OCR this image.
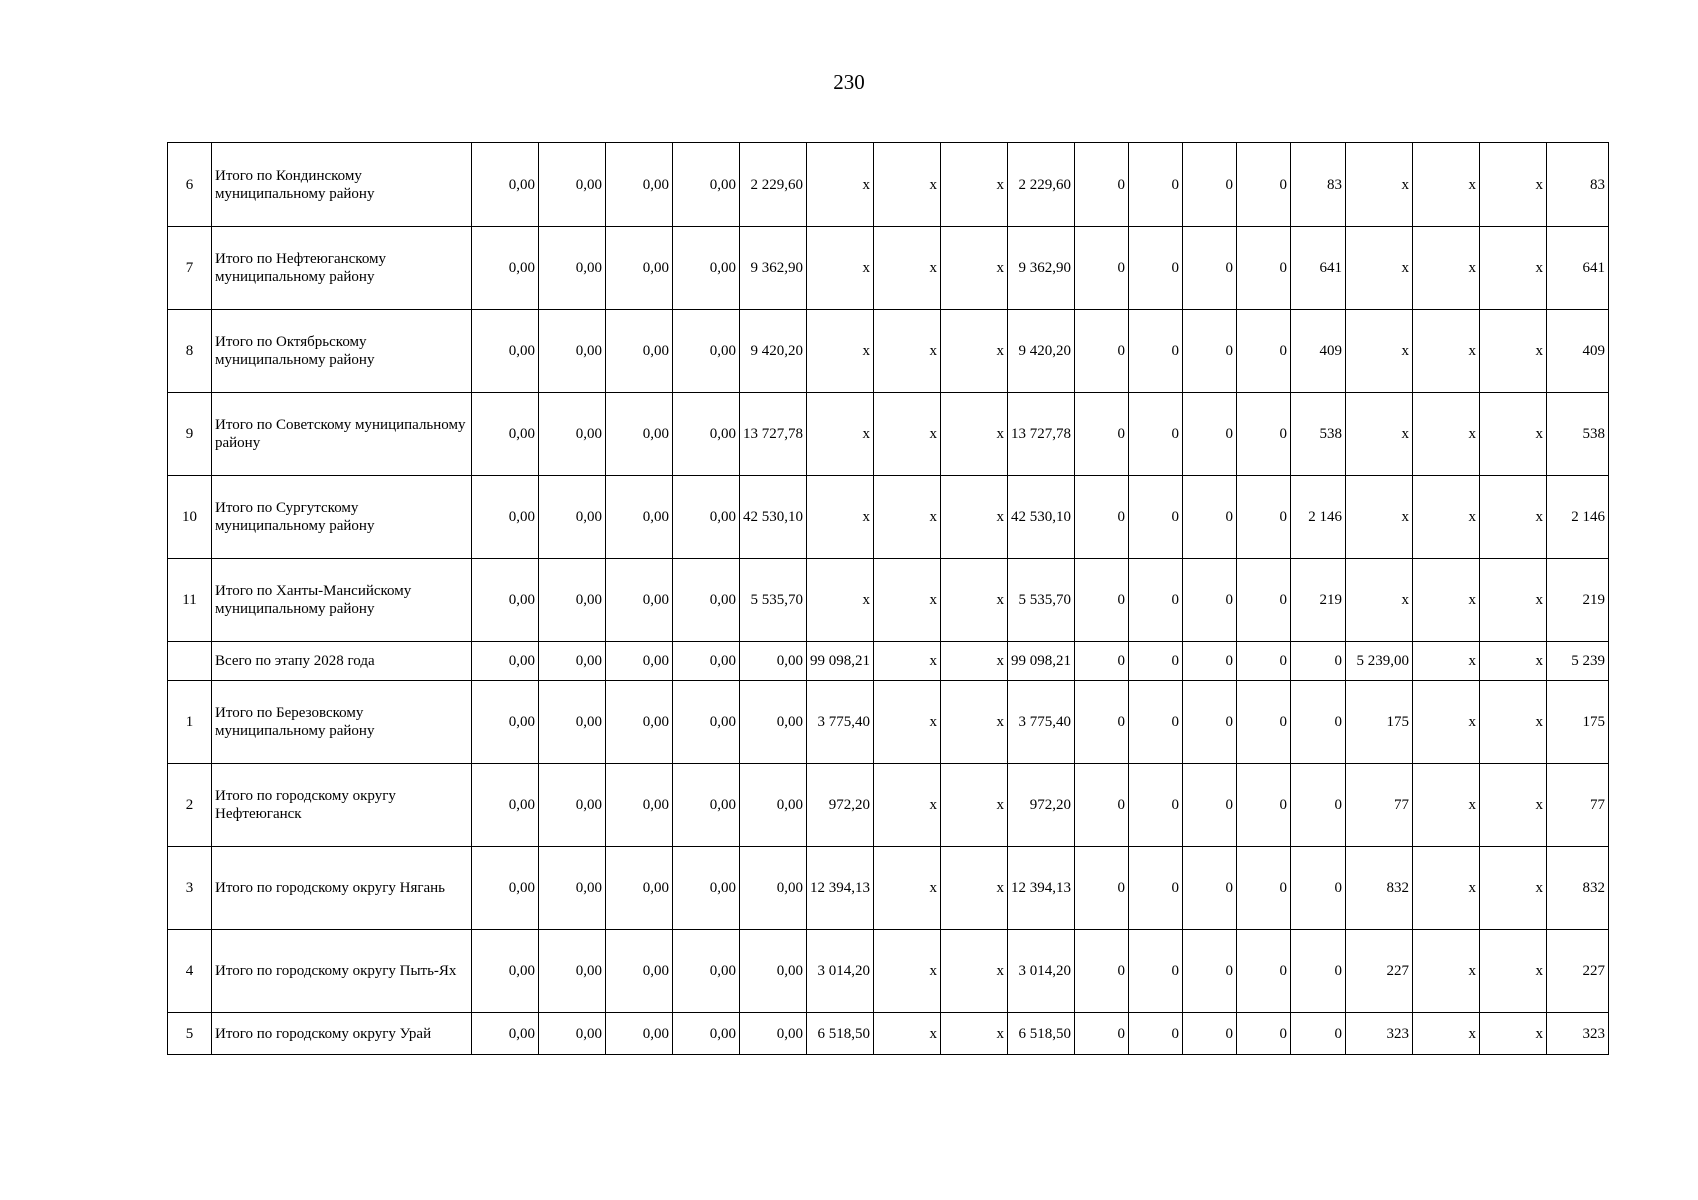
230
6	Итого по Кондинскому муниципальному району	0,00	0,00	0,00	0,00	2 229,60	х	х	х	2 229,60	0	0	0	0	83	х	х	х	83
7	Итого по Нефтеюганскому муниципальному району	0,00	0,00	0,00	0,00	9 362,90	х	х	х	9 362,90	0	0	0	0	641	х	х	х	641
8	Итого по Октябрьскому муниципальному району	0,00	0,00	0,00	0,00	9 420,20	х	х	х	9 420,20	0	0	0	0	409	х	х	х	409
9	Итого по Советскому муниципальному району	0,00	0,00	0,00	0,00	13 727,78	х	х	х	13 727,78	0	0	0	0	538	х	х	х	538
10	Итого по Сургутскому муниципальному району	0,00	0,00	0,00	0,00	42 530,10	х	х	х	42 530,10	0	0	0	0	2 146	х	х	х	2 146
11	Итого по Ханты-Мансийскому муниципальному району	0,00	0,00	0,00	0,00	5 535,70	х	х	х	5 535,70	0	0	0	0	219	х	х	х	219
	Всего по этапу 2028 года	0,00	0,00	0,00	0,00	0,00	99 098,21	х	х	99 098,21	0	0	0	0	0	5 239,00	х	х	5 239
1	Итого по Березовскому муниципальному району	0,00	0,00	0,00	0,00	0,00	3 775,40	х	х	3 775,40	0	0	0	0	0	175	х	х	175
2	Итого по городскому округу Нефтеюганск	0,00	0,00	0,00	0,00	0,00	972,20	х	х	972,20	0	0	0	0	0	77	х	х	77
3	Итого по городскому округу Нягань	0,00	0,00	0,00	0,00	0,00	12 394,13	х	х	12 394,13	0	0	0	0	0	832	х	х	832
4	Итого по городскому округу Пыть-Ях	0,00	0,00	0,00	0,00	0,00	3 014,20	х	х	3 014,20	0	0	0	0	0	227	х	х	227
5	Итого по городскому округу Урай	0,00	0,00	0,00	0,00	0,00	6 518,50	х	х	6 518,50	0	0	0	0	0	323	х	х	323
